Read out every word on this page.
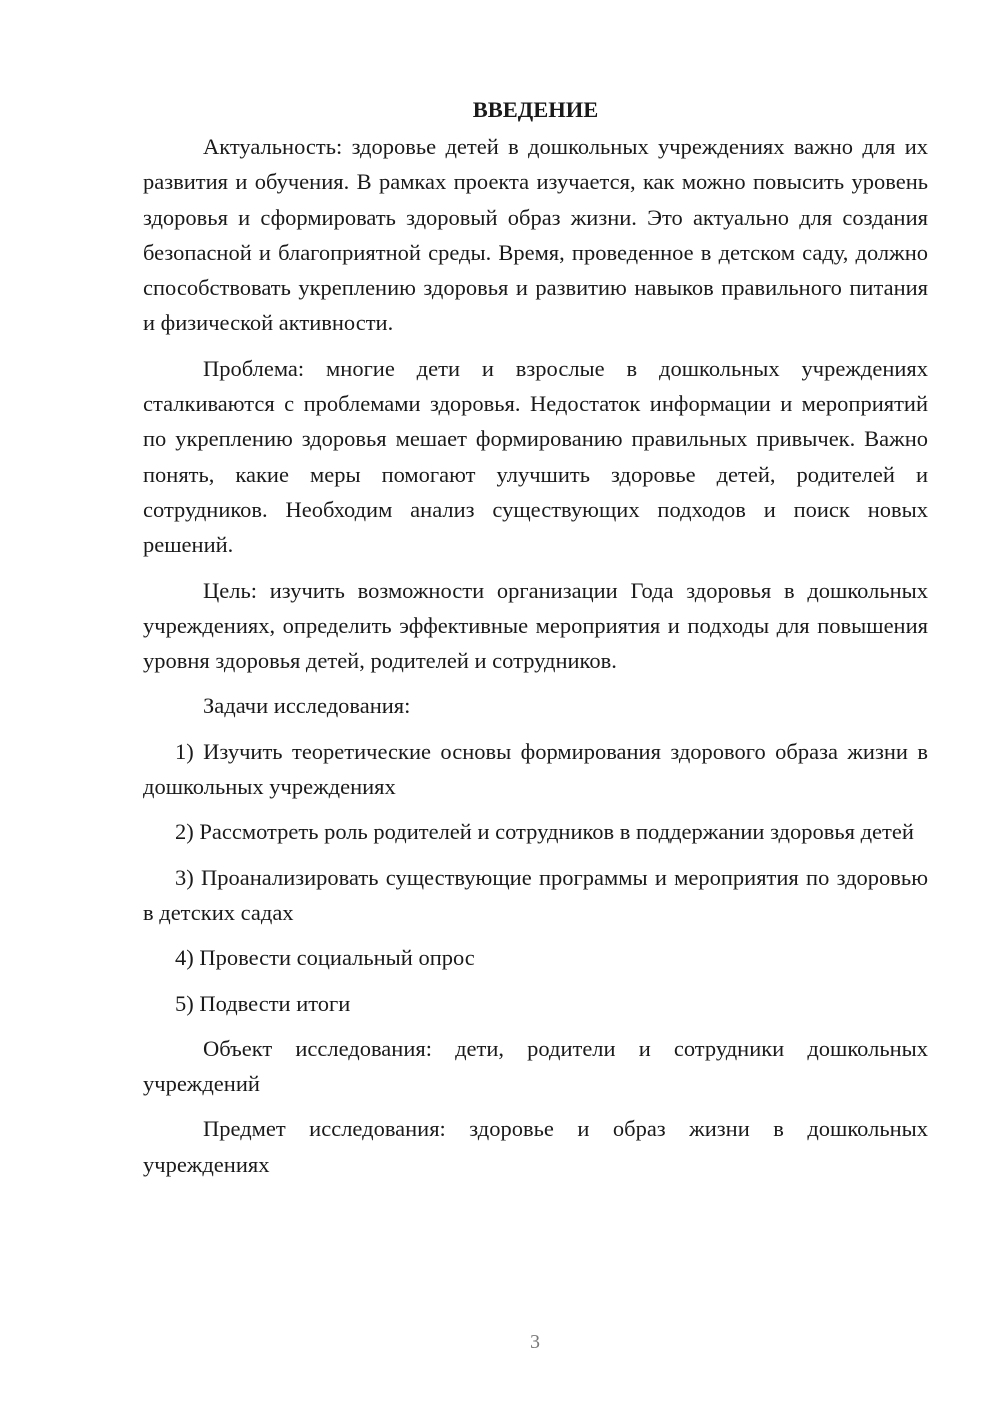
ВВЕДЕНИЕ

Актуальность: здоровье детей в дошкольных учреждениях важно для их развития и обучения. В рамках проекта изучается, как можно повысить уровень здоровья и сформировать здоровый образ жизни. Это актуально для создания безопасной и благоприятной среды. Время, проведенное в детском саду, должно способствовать укреплению здоровья и развитию навыков правильного питания и физической активности.

Проблема: многие дети и взрослые в дошкольных учреждениях сталкиваются с проблемами здоровья. Недостаток информации и мероприятий по укреплению здоровья мешает формированию правильных привычек. Важно понять, какие меры помогают улучшить здоровье детей, родителей и сотрудников. Необходим анализ существующих подходов и поиск новых решений.

Цель: изучить возможности организации Года здоровья в дошкольных учреждениях, определить эффективные мероприятия и подходы для повышения уровня здоровья детей, родителей и сотрудников.

Задачи исследования:

1) Изучить теоретические основы формирования здорового образа жизни в дошкольных учреждениях

2) Рассмотреть роль родителей и сотрудников в поддержании здоровья детей

3) Проанализировать существующие программы и мероприятия по здоровью в детских садах

4) Провести социальный опрос

5) Подвести итоги

Объект исследования: дети, родители и сотрудники дошкольных учреждений

Предмет исследования: здоровье и образ жизни в дошкольных учреждениях

3
